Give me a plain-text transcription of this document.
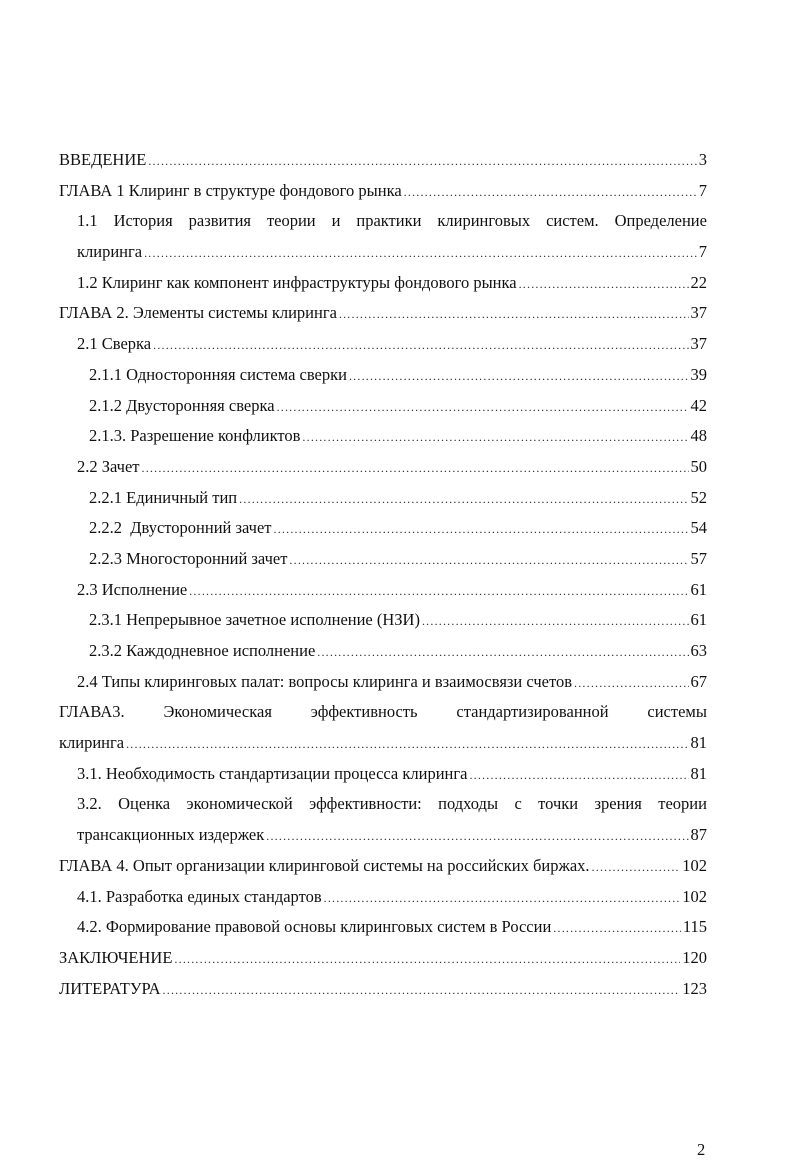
ВВЕДЕНИЕ .....	3
ГЛАВА 1 Клиринг в структуре фондового рынка .....	7
1.1 История развития теории и практики клиринговых систем. Определение
клиринга .....	7
1.2 Клиринг как компонент инфраструктуры фондового рынка .....	22
ГЛАВА 2. Элементы системы клиринга .....	37
2.1 Сверка .....	37
2.1.1 Односторонняя система сверки .....	39
2.1.2 Двусторонняя сверка .....	42
2.1.3. Разрешение конфликтов .....	48
2.2 Зачет .....	50
2.2.1 Единичный тип .....	52
2.2.2  Двусторонний зачет .....	54
2.2.3 Многосторонний зачет .....	57
2.3 Исполнение .....	61
2.3.1 Непрерывное зачетное исполнение (НЗИ) .....	61
2.3.2 Каждодневное исполнение .....	63
2.4 Типы клиринговых палат: вопросы клиринга и взаимосвязи счетов .....	67
ГЛАВА3. Экономическая эффективность стандартизированной системы
клиринга .....	81
3.1. Необходимость стандартизации процесса клиринга .....	81
3.2. Оценка экономической эффективности: подходы с точки зрения теории
трансакционных издержек .....	87
ГЛАВА 4. Опыт организации клиринговой системы на российских биржах. .....	102
4.1. Разработка единых стандартов .....	102
4.2. Формирование правовой основы клиринговых систем в России .....	115
ЗАКЛЮЧЕНИЕ .....	120
ЛИТЕРАТУРА .....	123
2
